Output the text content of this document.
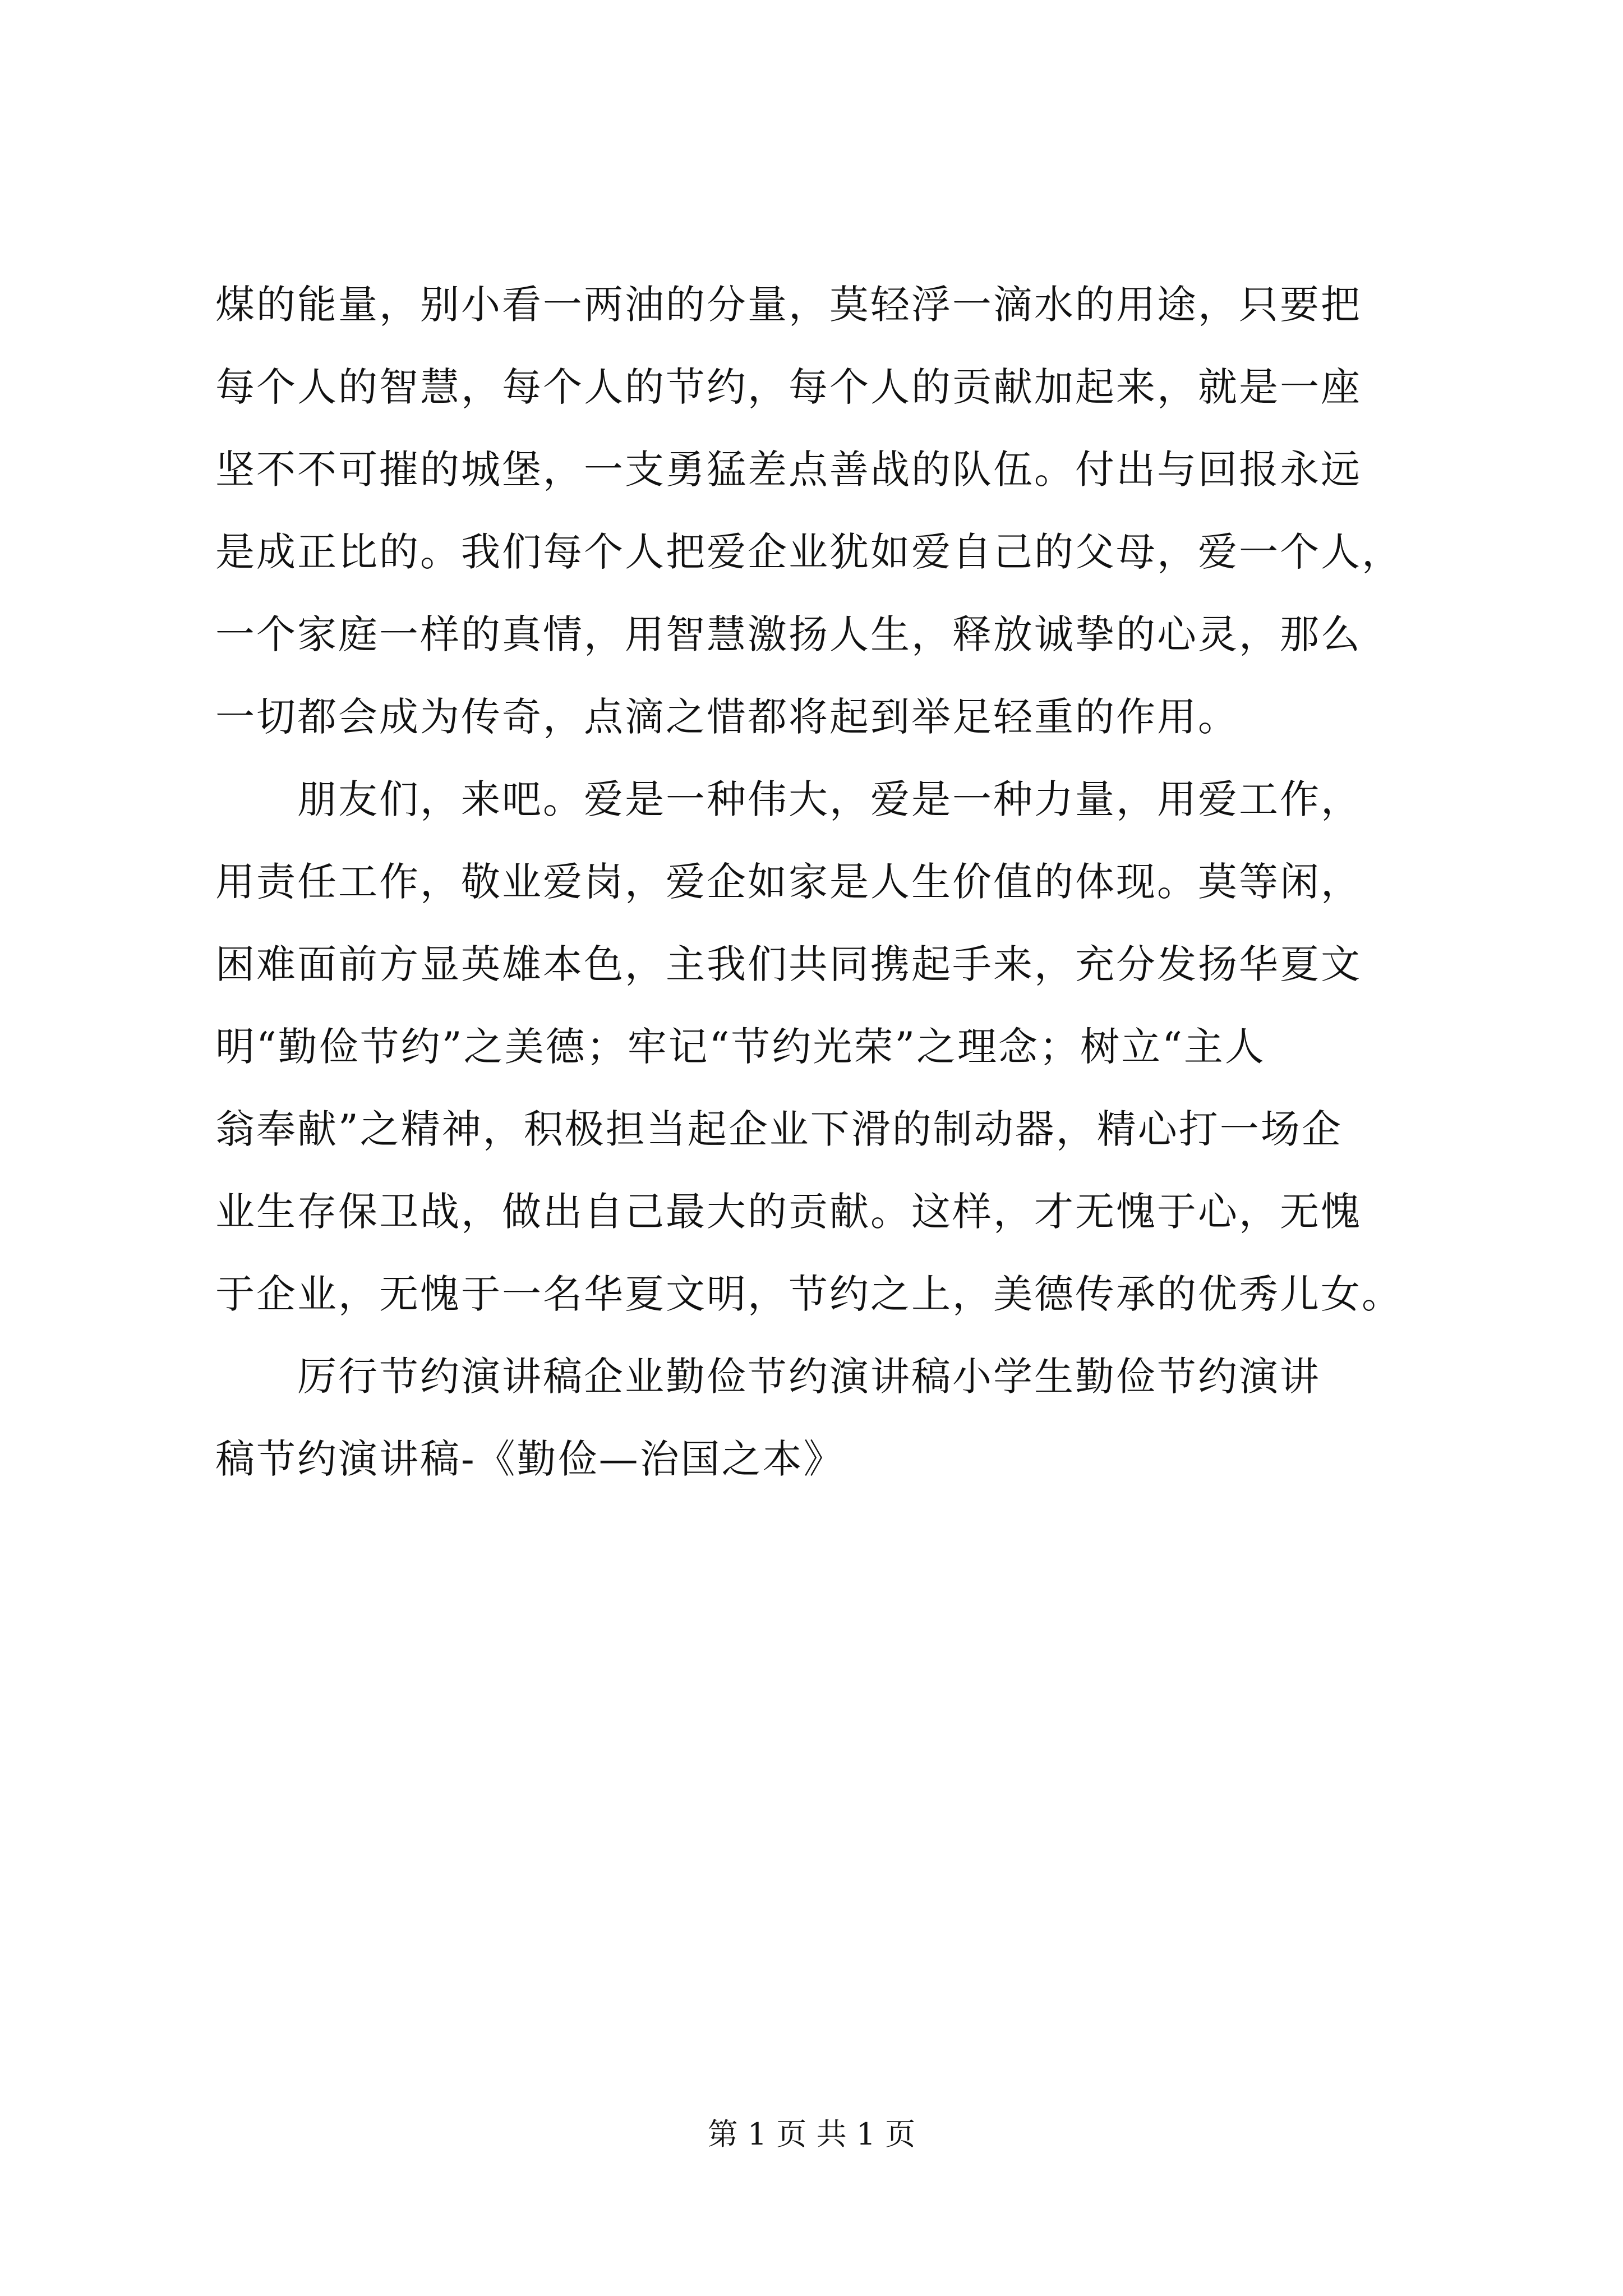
煤的能量，别小看一两油的分量，莫轻浮一滴水的用途，只要把
每个人的智慧，每个人的节约，每个人的贡献加起来，就是一座
坚不不可摧的城堡，一支勇猛差点善战的队伍。付出与回报永远
是成正比的。我们每个人把爱企业犹如爱自己的父母，爱一个人，
一个家庭一样的真情，用智慧激扬人生，释放诚挚的心灵，那么
一切都会成为传奇，点滴之惜都将起到举足轻重的作用。
　　朋友们，来吧。爱是一种伟大，爱是一种力量，用爱工作，
用责任工作，敬业爱岗，爱企如家是人生价值的体现。莫等闲，
困难面前方显英雄本色，主我们共同携起手来，充分发扬华夏文
明“勤俭节约”之美德；牢记“节约光荣”之理念；树立“主人
翁奉献”之精神，积极担当起企业下滑的制动器，精心打一场企
业生存保卫战，做出自己最大的贡献。这样，才无愧于心，无愧
于企业，无愧于一名华夏文明，节约之上，美德传承的优秀儿女。
　　厉行节约演讲稿企业勤俭节约演讲稿小学生勤俭节约演讲
稿节约演讲稿-《勤俭—治国之本》
第 1 页 共 1 页
